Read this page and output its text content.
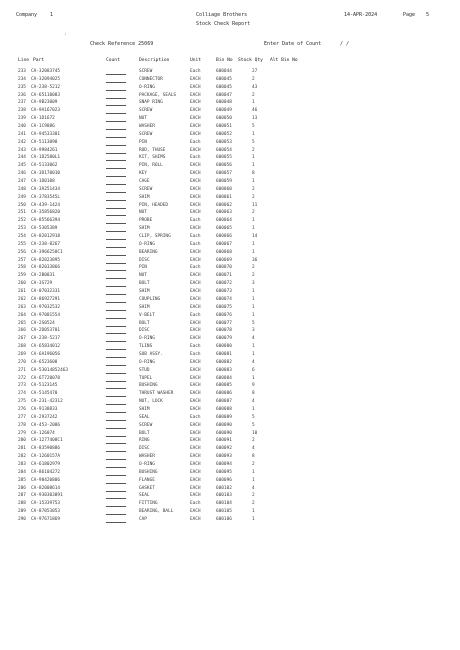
Company	1	Colliage Brothers	14-APR-2024	Page 5
Stock Check Report
'
Check Reference 25069	Enter Date of Count	/ /
Line Part	Count	Description	Unit	Bin No Stock Qty Alt Bin No
233 CA-32083745	SCREW	Each	600044	27
234 CA-32094025	CONNECTOR	EACH	600045	2
235 CA-238-5212	O-RING	EACH	600045	43
236 CA-65110083	PACKAGE, SEALS	EACH	600047	2
237 CA-9B23009	SNAP RING	EACH	600048	1
238 CA-9A167023	SCREW	EACH	600049	46
239 CA-1D1672	NUT	EACH	600050	13
240 CA-1C9886	WASHER	EACH	600051	5
241 CA-94533301	SCREW	EACH	600052	1
242 CA-5113098	PIN	Each	600053	5
243 CA-9984261	ROD, THUSE	EACH	600054	2
244 CA-1D2580L1	KIT, SHIMS	Each	600055	1
245 CA-5133062	PIN, ROLL	EACH	600056	1
246 CA-3D170010	KEY	EACH	600057	8
247 CA-1D0108	CAGE	EACH	600059	1
248 CA-3A251434	SCREW	EACH	600060	2
249 CA-3783545L	SHIM	EACH	600061	2
250 CA-439-1424	PIN, HEADED	EACH	600062	11
251 CA-35856820	NUT	EACH	600063	2
252 CA-85566394	PROBE	Each	600064	1
253 CA-5305389	SHIM	EACH	600065	1
254 CA-82012918	CLIP, SPRING	Each	600066	14
255 CA-238-8267	O-RING	Each	600067	1
256 CA-3966258C1	BEARING	EACH	600068	1
257 CA-82023895	DISC	EACH	600069	36
258 CA-82033866	PIN	Each	600070	2
259 CA-2B0831	NUT	EACH	600071	2
260 CA-3S729	BOLT	EACH	600072	3
261 CA-07032331	SHIM	EACH	600073	1
262 CA-86927291	COUPLING	EACH	600074	1
263 CA-97032532	SHIM	EACH	600075	1
264 CA-97081554	V-BELT	Each	600076	1
265 CA-2S0524	BOLT	EACH	600077	5
266 CA-2D053701	DISC	EACH	600078	3
267 CA-238-5217	O-RING	EACH	600079	4
268 CA-65834012	TLINS	Each	600080	1
269 CA-6A196056	SUB ASSY.	Each	600081	1
270 CA-6523608	O-RING	EACH	600082	4
271 CA-53014852463	STUD	EACH	600083	6
272 CA-6T720078	TUPEL	EACH	600084	1
273 CA-5123145	BUSHING	EACH	600085	9
274 CA-5145470	THRUST WASHER	EACH	600086	8
275 CA-231-42312	NUT, LOCK	EACH	600087	4
276 CA-9138833	SHIM	EACH	600088	1
277 CA-2937242	SEAL	Each	600089	5
278 CA-453-2086	SCREW	EACH	600090	5
279 CA-126074	BOLT	EACH	600090	10
280 CA-1277408C1	RING	EACH	600091	2
281 CA-83590886	DISC	EACH	600092	4
282 CA-1260157A	WASHER	EACH	600093	8
283 CA-61802979	O-RING	EACH	600094	2
284 CA-86104272	BUSHING	EACH	600095	1
285 CA-98420806	FLANGE	EACH	600096	1
286 CA-82008614	GASKET	EACH	600102	4
287 CA-930303891	SEAL	EACH	600103	2
288 CA-15339753	FITTING	Each	600104	2
289 CA-87053053	BEARING, BALL	EACH	600105	1
290 CA-97671869	CAP	EACH	600106	1
